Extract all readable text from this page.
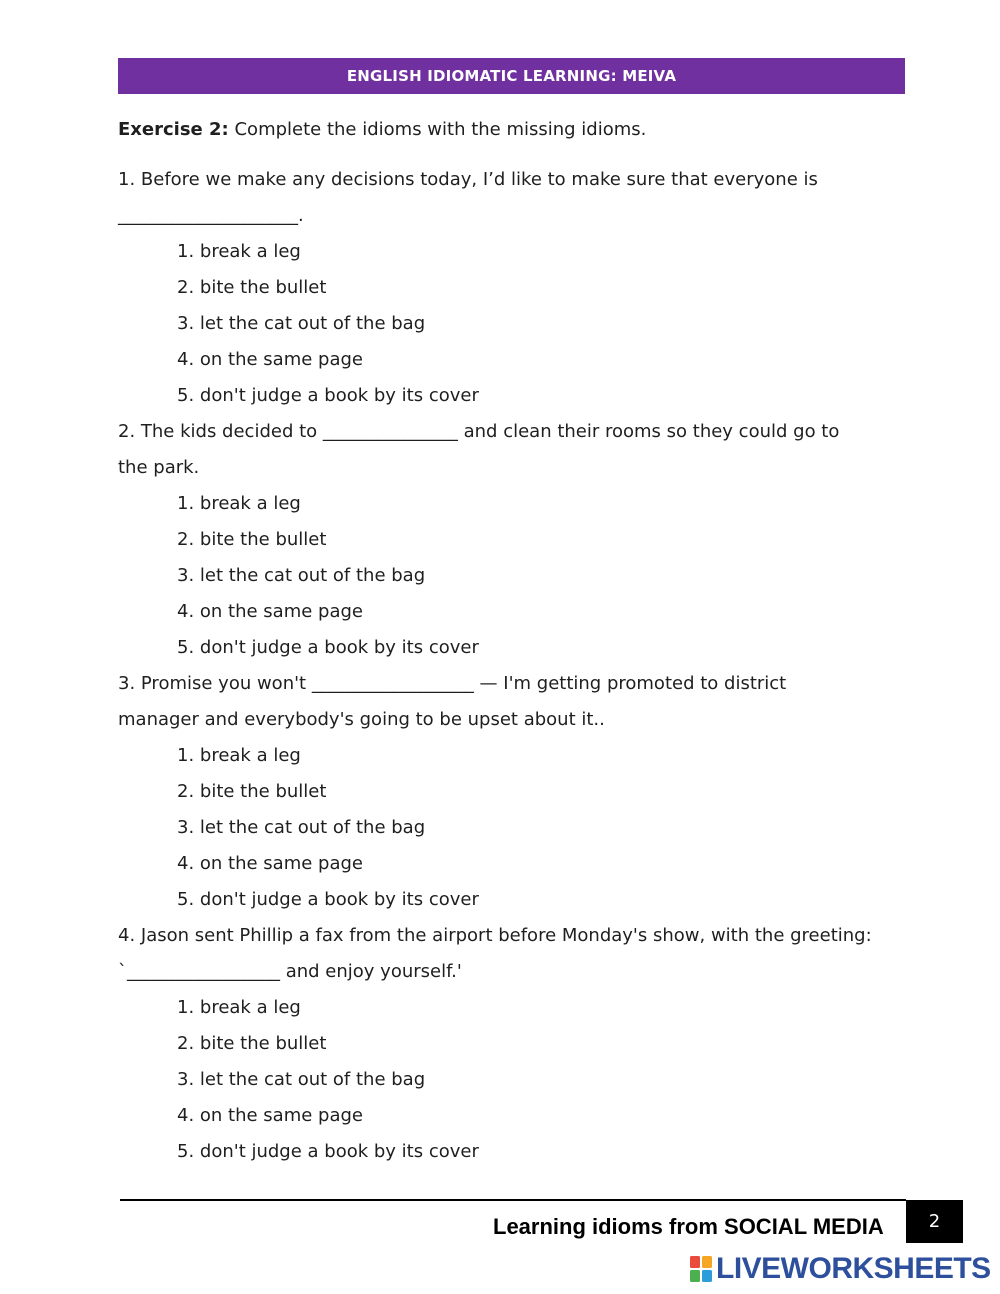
ENGLISH IDIOMATIC LEARNING: MEIVA
Exercise 2: Complete the idioms with the missing idioms.
1. Before we make any decisions today, I’d like to make sure that everyone is
____________________.
1. break a leg
2. bite the bullet
3. let the cat out of the bag
4. on the same page
5. don't judge a book by its cover
2. The kids decided to _______________ and clean their rooms so they could go to
the park.
1. break a leg
2. bite the bullet
3. let the cat out of the bag
4. on the same page
5. don't judge a book by its cover
3. Promise you won't __________________ — I'm getting promoted to district
manager and everybody's going to be upset about it..
1. break a leg
2. bite the bullet
3. let the cat out of the bag
4. on the same page
5. don't judge a book by its cover
4. Jason sent Phillip a fax from the airport before Monday's show, with the greeting:
`_________________ and enjoy yourself.'
1. break a leg
2. bite the bullet
3. let the cat out of the bag
4. on the same page
5. don't judge a book by its cover
Learning idioms from SOCIAL MEDIA	2
LIVEWORKSHEETS
